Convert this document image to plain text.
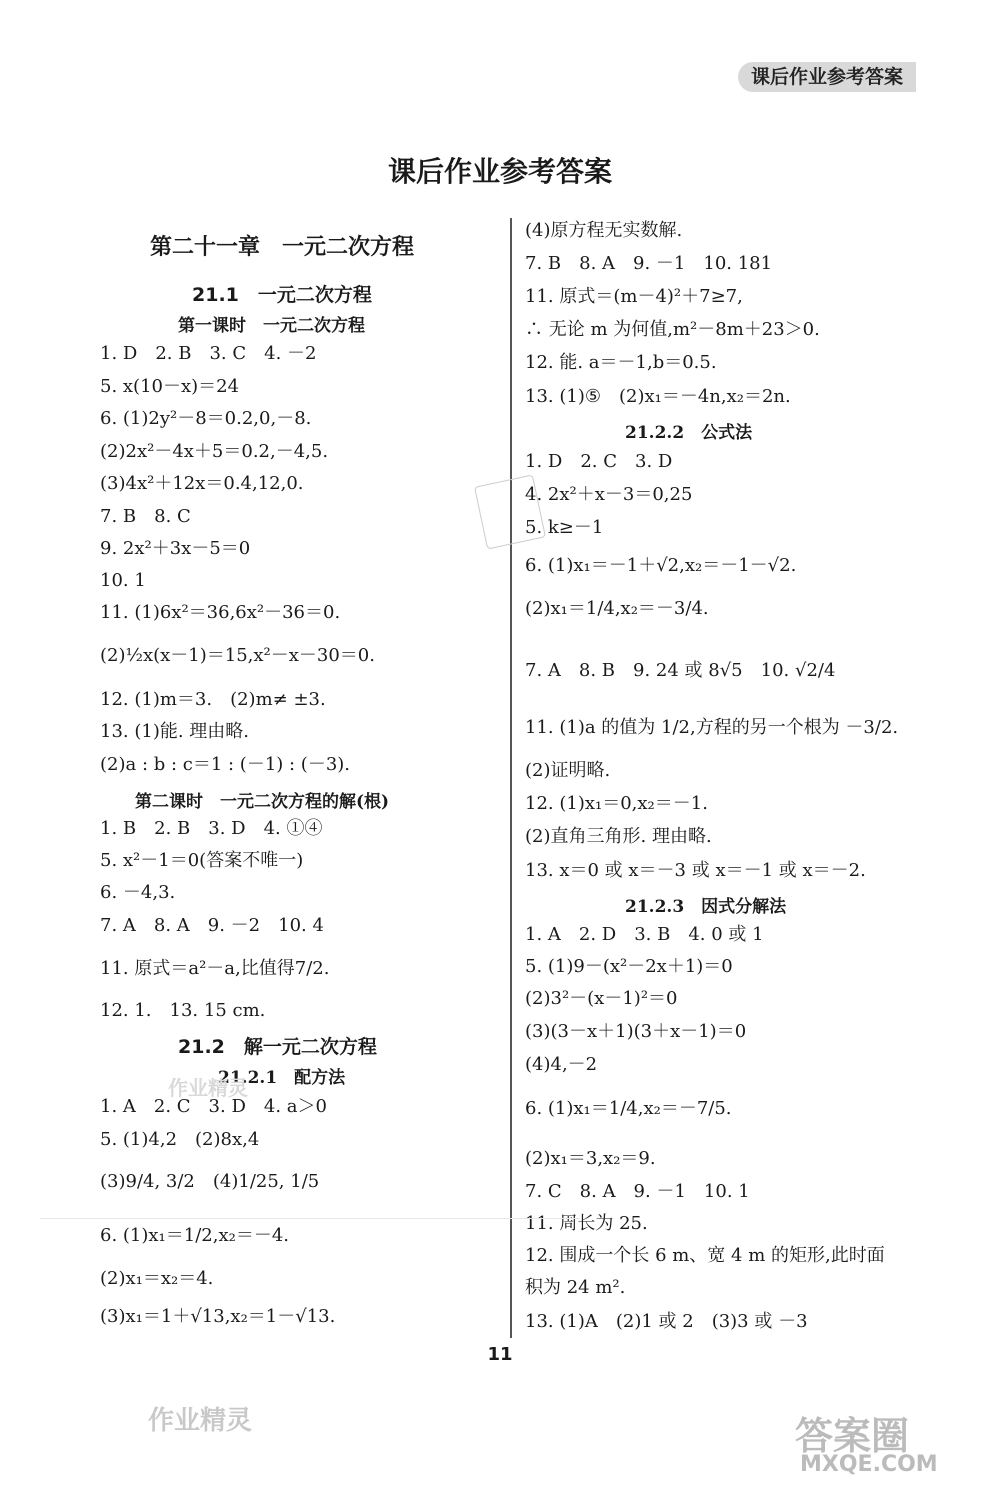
课后作业参考答案
课后作业参考答案
第二十一章　一元二次方程
21.1　一元二次方程
第一课时　一元二次方程
1. D　2. B　3. C　4. －2
5. x(10－x)＝24
6. (1)2y²－8＝0.2,0,－8.
(2)2x²－4x＋5＝0.2,－4,5.
(3)4x²＋12x＝0.4,12,0.
7. B　8. C
9. 2x²＋3x－5＝0
10. 1
11. (1)6x²＝36,6x²－36＝0.
(2)½x(x－1)＝15,x²－x－30＝0.
12. (1)m＝3.　(2)m≠ ±3.
13. (1)能. 理由略.
(2)a : b : c＝1 : (－1) : (－3).
第二课时　一元二次方程的解(根)
1. B　2. B　3. D　4. ①④
5. x²－1＝0(答案不唯一)
6. －4,3.
7. A　8. A　9. －2　10. 4
11. 原式＝a²－a,比值得7/2.
12. 1.　13. 15 cm.
21.2　解一元二次方程
21.2.1　配方法
1. A　2. C　3. D　4. a＞0
5. (1)4,2　(2)8x,4
(3)9/4, 3/2　(4)1/25, 1/5
6. (1)x₁＝1/2,x₂＝－4.
(2)x₁＝x₂＝4.
(3)x₁＝1＋√13,x₂＝1－√13.
(4)原方程无实数解.
7. B　8. A　9. －1　10. 181
11. 原式＝(m－4)²＋7≥7,
∴ 无论 m 为何值,m²－8m＋23＞0.
12. 能. a＝－1,b＝0.5.
13. (1)⑤　(2)x₁＝－4n,x₂＝2n.
21.2.2　公式法
1. D　2. C　3. D
4. 2x²＋x－3＝0,25
5. k≥－1
6. (1)x₁＝－1＋√2,x₂＝－1－√2.
(2)x₁＝1/4,x₂＝－3/4.
7. A　8. B　9. 24 或 8√5　10. √2/4
11. (1)a 的值为 1/2,方程的另一个根为 －3/2.
(2)证明略.
12. (1)x₁＝0,x₂＝－1.
(2)直角三角形. 理由略.
13. x＝0 或 x＝－3 或 x＝－1 或 x＝－2.
21.2.3　因式分解法
1. A　2. D　3. B　4. 0 或 1
5. (1)9－(x²－2x＋1)＝0
(2)3²－(x－1)²＝0
(3)(3－x＋1)(3＋x－1)＝0
(4)4,－2
6. (1)x₁＝1/4,x₂＝－7/5.
(2)x₁＝3,x₂＝9.
7. C　8. A　9. －1　10. 1
11. 周长为 25.
12. 围成一个长 6 m、宽 4 m 的矩形,此时面
积为 24 m².
13. (1)A　(2)1 或 2　(3)3 或 －3
11
作业精灵
作业精灵
答案圈
MXQE.COM
